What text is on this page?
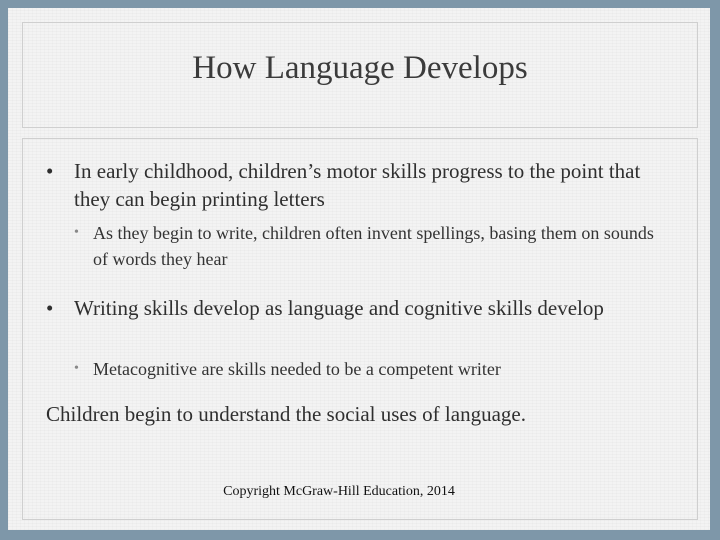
How Language Develops
• In early childhood, children’s motor skills progress to the point that they can begin printing letters
• As they begin to write, children often invent spellings, basing them on sounds of words they hear
• Writing skills develop as language and cognitive skills develop
• Metacognitive are skills needed to be a competent writer
Children begin to understand the social uses of language.
Copyright McGraw-Hill Education, 2014
